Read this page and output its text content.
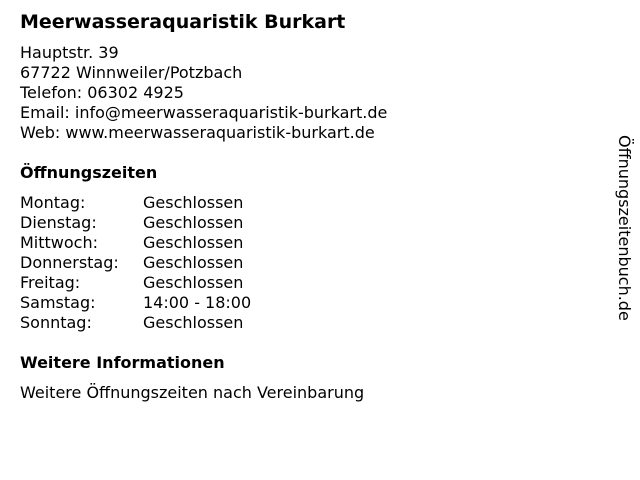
Meerwasseraquaristik Burkart
Hauptstr. 39
67722 Winnweiler/Potzbach
Telefon: 06302 4925
Email: info@meerwasseraquaristik-burkart.de
Web: www.meerwasseraquaristik-burkart.de
Öffnungszeiten
Montag:	Geschlossen
Dienstag:	Geschlossen
Mittwoch:	Geschlossen
Donnerstag:	Geschlossen
Freitag:	Geschlossen
Samstag:	14:00 - 18:00
Sonntag:	Geschlossen
Weitere Informationen
Weitere Öffnungszeiten nach Vereinbarung
Öffnungszeitenbuch.de
